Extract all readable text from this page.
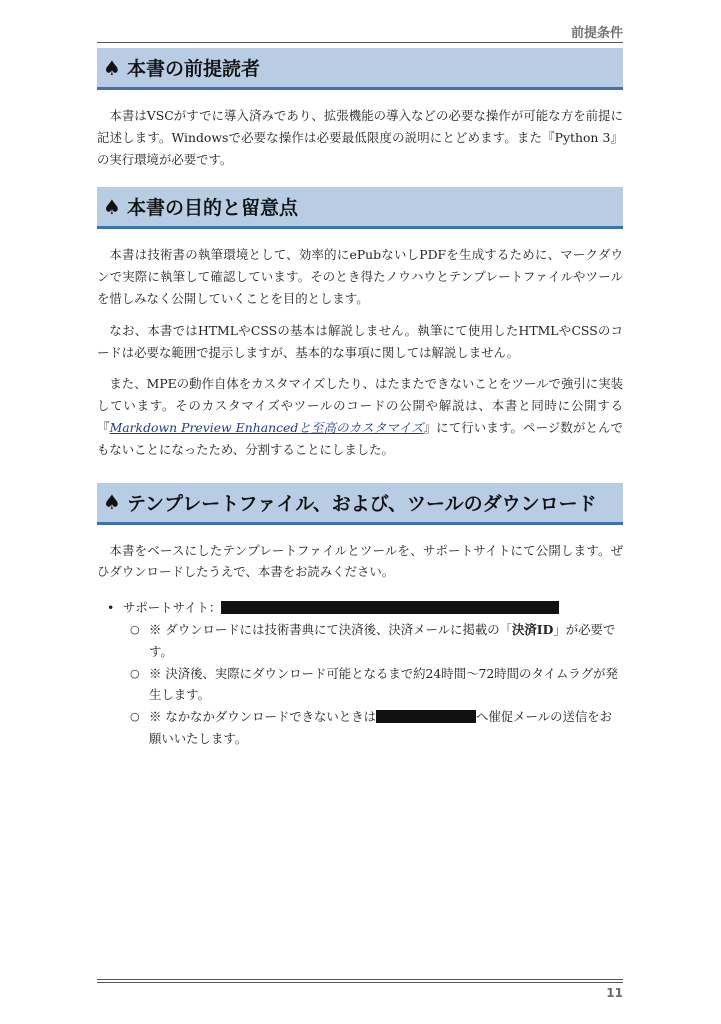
前提条件
♠ 本書の前提読者

本書はVSCがすでに導入済みであり、拡張機能の導入などの必要な操作が可能な方を前提に記述します。Windowsで必要な操作は必要最低限度の説明にとどめます。また『Python 3』の実行環境が必要です。

♠ 本書の目的と留意点

本書は技術書の執筆環境として、効率的にePubないしPDFを生成するために、マークダウンで実際に執筆して確認しています。そのとき得たノウハウとテンプレートファイルやツールを惜しみなく公開していくことを目的とします。

なお、本書ではHTMLやCSSの基本は解説しません。執筆にて使用したHTMLやCSSのコードは必要な範囲で提示しますが、基本的な事項に関しては解説しません。

また、MPEの動作自体をカスタマイズしたり、はたまたできないことをツールで強引に実装しています。そのカスタマイズやツールのコードの公開や解説は、本書と同時に公開する『Markdown Preview Enhancedと至高のカスタマイズ』にて行います。ページ数がとんでもないことになったため、分割することにしました。

♠ テンプレートファイル、および、ツールのダウンロード

本書をベースにしたテンプレートファイルとツールを、サポートサイトにて公開します。ぜひダウンロードしたうえで、本書をお読みください。

• サポートサイト：
○ ※ ダウンロードには技術書典にて決済後、決済メールに掲載の「決済ID」が必要です。
○ ※ 決済後、実際にダウンロード可能となるまで約24時間〜72時間のタイムラグが発生します。
○ ※ なかなかダウンロードできないときは	へ催促メールの送信をお願いいたします。
11
